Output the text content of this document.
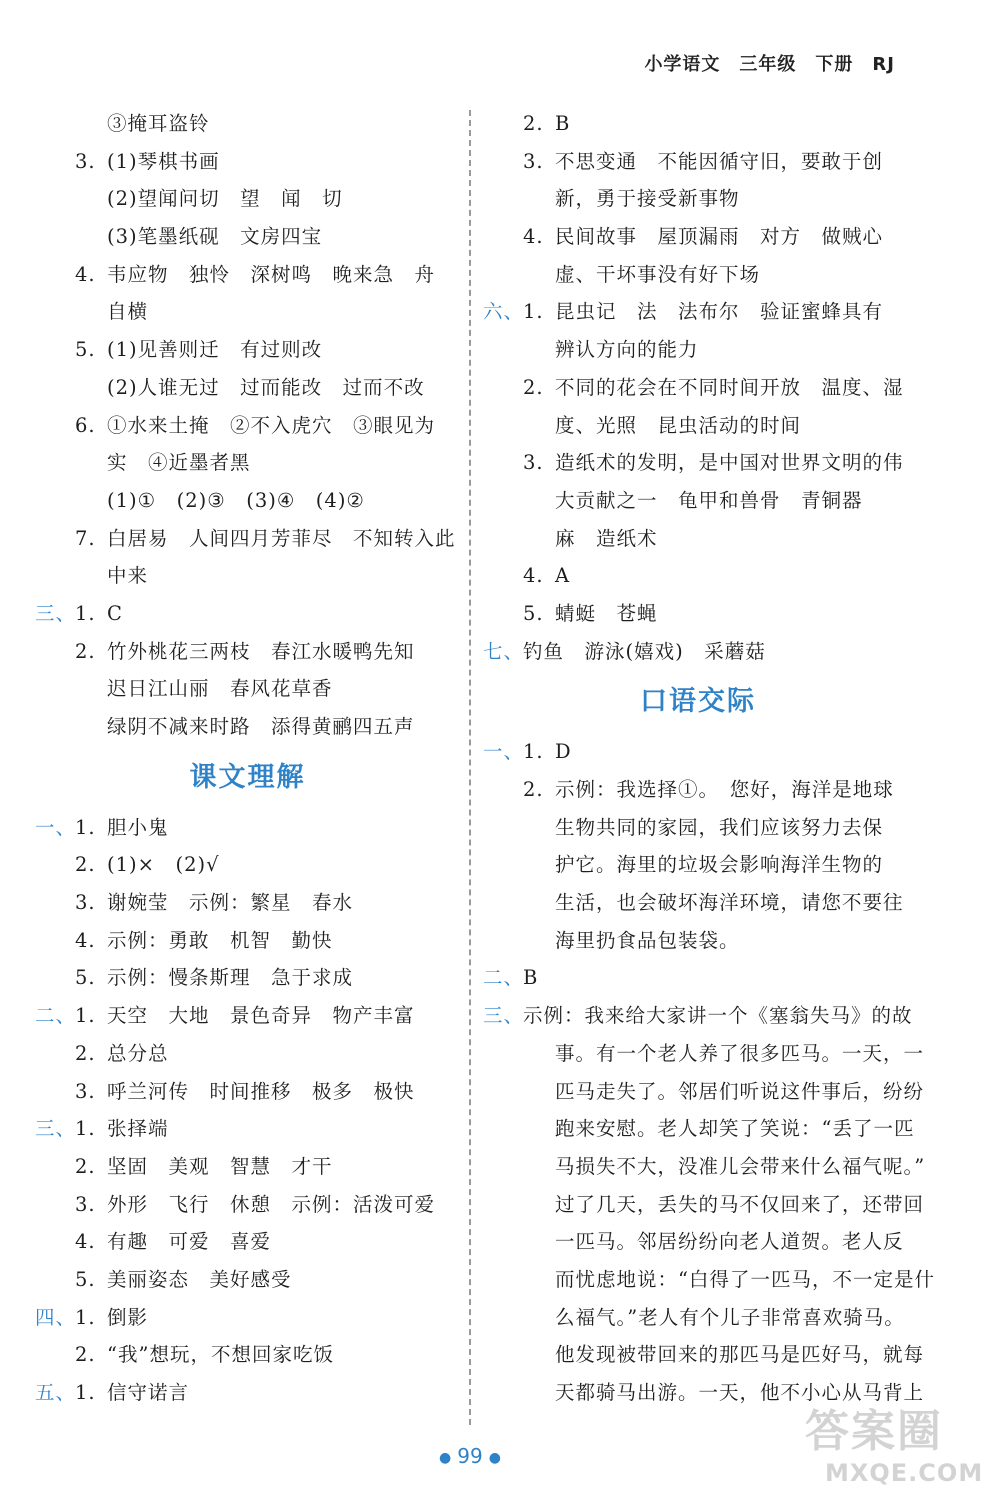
小学语文　三年级　下册　RJ
③掩耳盗铃
3. (1)琴棋书画
(2)望闻问切　望　闻　切
(3)笔墨纸砚　文房四宝
4. 韦应物　独怜　深树鸣　晚来急　舟
自横
5. (1)见善则迁　有过则改
(2)人谁无过　过而能改　过而不改
6. ①水来土掩　②不入虎穴　③眼见为
实　④近墨者黑
(1)①　(2)③　(3)④　(4)②
7. 白居易　人间四月芳菲尽　不知转入此
中来
三、
1. C
2. 竹外桃花三两枝　春江水暖鸭先知
迟日江山丽　春风花草香
绿阴不减来时路　添得黄鹂四五声
课文理解
一、
1. 胆小鬼
2. (1)×　(2)√
3. 谢婉莹　示例：繁星　春水
4. 示例：勇敢　机智　勤快
5. 示例：慢条斯理　急于求成
二、
1. 天空　大地　景色奇异　物产丰富
2. 总分总
3. 呼兰河传　时间推移　极多　极快
三、
1. 张择端
2. 坚固　美观　智慧　才干
3. 外形　飞行　休憩　示例：活泼可爱
4. 有趣　可爱　喜爱
5. 美丽姿态　美好感受
四、
1. 倒影
2. “我”想玩，不想回家吃饭
五、
1. 信守诺言
2. B
3. 不思变通　不能因循守旧，要敢于创
新，勇于接受新事物
4. 民间故事　屋顶漏雨　对方　做贼心
虚、干坏事没有好下场
六、
1. 昆虫记　法　法布尔　验证蜜蜂具有
辨认方向的能力
2. 不同的花会在不同时间开放　温度、湿
度、光照　昆虫活动的时间
3. 造纸术的发明，是中国对世界文明的伟
大贡献之一　龟甲和兽骨　青铜器
麻　造纸术
4. A
5. 蜻蜓　苍蝇
七、
钓鱼　游泳(嬉戏)　采蘑菇
口语交际
一、
1. D
2. 示例：我选择①。　您好，海洋是地球
生物共同的家园，我们应该努力去保
护它。海里的垃圾会影响海洋生物的
生活，也会破坏海洋环境，请您不要往
海里扔食品包装袋。
二、
B
三、
示例：我来给大家讲一个《塞翁失马》的故
事。有一个老人养了很多匹马。一天，一
匹马走失了。邻居们听说这件事后，纷纷
跑来安慰。老人却笑了笑说：“丢了一匹
马损失不大，没准儿会带来什么福气呢。”
过了几天，丢失的马不仅回来了，还带回
一匹马。邻居纷纷向老人道贺。老人反
而忧虑地说：“白得了一匹马，不一定是什
么福气。”老人有个儿子非常喜欢骑马。
他发现被带回来的那匹马是匹好马，就每
天都骑马出游。一天，他不小心从马背上
● 99 ●
答案圈
MXQE.COM
